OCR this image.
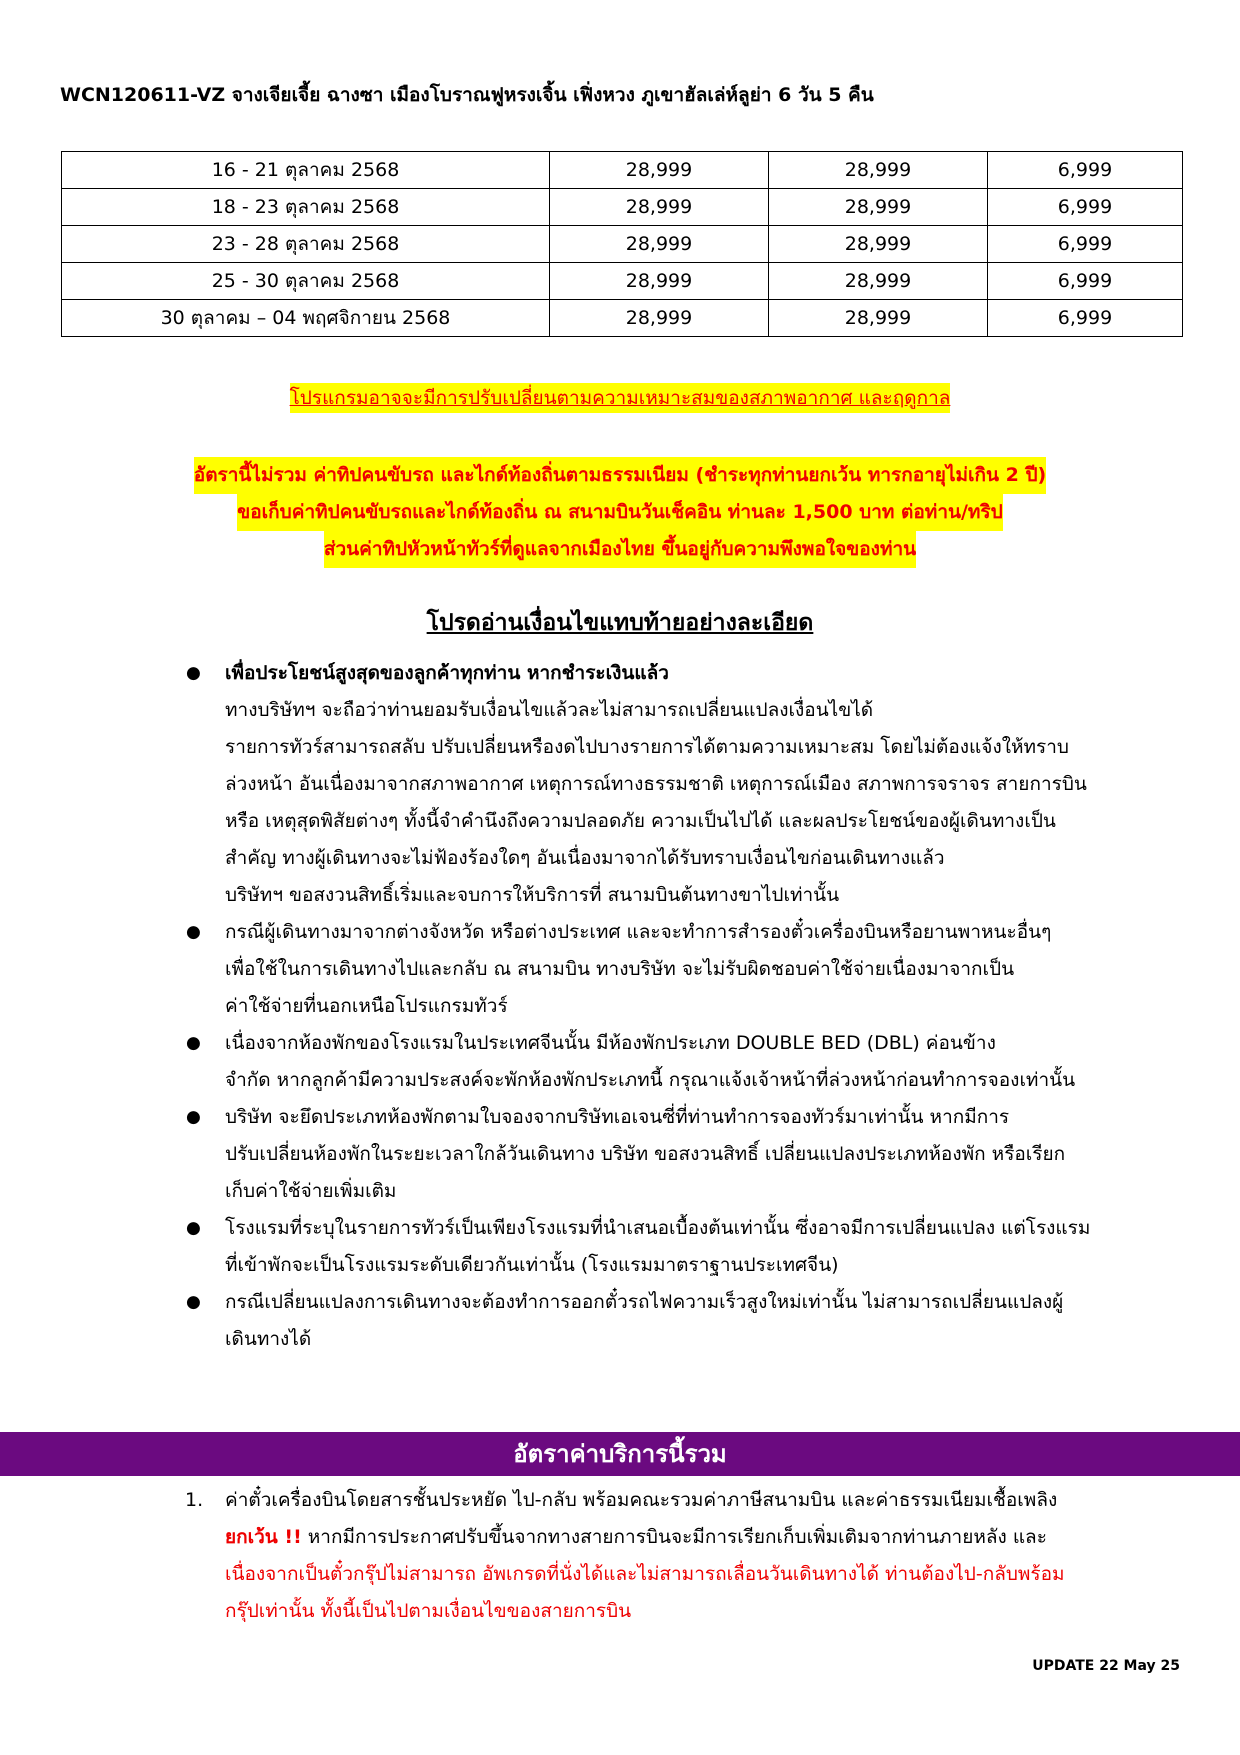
WCN120611-VZ จางเจียเจี้ย ฉางซา เมืองโบราณฟูหรงเจิ้น เฟิ่งหวง ภูเขาฮัลเล่ห์ลูย่า 6 วัน 5 คืน
16 - 21 ตุลาคม 2568	28,999	28,999	6,999
18 - 23 ตุลาคม 2568	28,999	28,999	6,999
23 - 28 ตุลาคม 2568	28,999	28,999	6,999
25 - 30 ตุลาคม 2568	28,999	28,999	6,999
30 ตุลาคม – 04 พฤศจิกายน 2568	28,999	28,999	6,999
โปรแกรมอาจจะมีการปรับเปลี่ยนตามความเหมาะสมของสภาพอากาศ และฤดูกาล
อัตรานี้ไม่รวม ค่าทิปคนขับรถ และไกด์ท้องถิ่นตามธรรมเนียม (ชำระทุกท่านยกเว้น ทารกอายุไม่เกิน 2 ปี)
ขอเก็บค่าทิปคนขับรถและไกด์ท้องถิ่น ณ สนามบินวันเช็คอิน ท่านละ 1,500 บาท ต่อท่าน/ทริป
ส่วนค่าทิปหัวหน้าทัวร์ที่ดูแลจากเมืองไทย ขึ้นอยู่กับความพึงพอใจของท่าน
โปรดอ่านเงื่อนไขแทบท้ายอย่างละเอียด
● เพื่อประโยชน์สูงสุดของลูกค้าทุกท่าน หากชำระเงินแล้ว
ทางบริษัทฯ จะถือว่าท่านยอมรับเงื่อนไขแล้วละไม่สามารถเปลี่ยนแปลงเงื่อนไขได้
รายการทัวร์สามารถสลับ ปรับเปลี่ยนหรืองดไปบางรายการได้ตามความเหมาะสม โดยไม่ต้องแจ้งให้ทราบ
ล่วงหน้า อันเนื่องมาจากสภาพอากาศ เหตุการณ์ทางธรรมชาติ เหตุการณ์เมือง สภาพการจราจร สายการบิน
หรือ เหตุสุดพิสัยต่างๆ ทั้งนี้จำคำนึงถึงความปลอดภัย ความเป็นไปได้ และผลประโยชน์ของผู้เดินทางเป็น
สำคัญ ทางผู้เดินทางจะไม่ฟ้องร้องใดๆ อันเนื่องมาจากได้รับทราบเงื่อนไขก่อนเดินทางแล้ว
บริษัทฯ ขอสงวนสิทธิ์เริ่มและจบการให้บริการที่ สนามบินต้นทางขาไปเท่านั้น
● กรณีผู้เดินทางมาจากต่างจังหวัด หรือต่างประเทศ และจะทำการสำรองตั๋วเครื่องบินหรือยานพาหนะอื่นๆ
เพื่อใช้ในการเดินทางไปและกลับ ณ สนามบิน ทางบริษัท จะไม่รับผิดชอบค่าใช้จ่ายเนื่องมาจากเป็น
ค่าใช้จ่ายที่นอกเหนือโปรแกรมทัวร์
● เนื่องจากห้องพักของโรงแรมในประเทศจีนนั้น มีห้องพักประเภท DOUBLE BED (DBL) ค่อนข้าง
จำกัด หากลูกค้ามีความประสงค์จะพักห้องพักประเภทนี้ กรุณาแจ้งเจ้าหน้าที่ล่วงหน้าก่อนทำการจองเท่านั้น
● บริษัท จะยึดประเภทห้องพักตามใบจองจากบริษัทเอเจนซี่ที่ท่านทำการจองทัวร์มาเท่านั้น หากมีการ
ปรับเปลี่ยนห้องพักในระยะเวลาใกล้วันเดินทาง บริษัท ขอสงวนสิทธิ์ เปลี่ยนแปลงประเภทห้องพัก หรือเรียก
เก็บค่าใช้จ่ายเพิ่มเติม
● โรงแรมที่ระบุในรายการทัวร์เป็นเพียงโรงแรมที่นำเสนอเบื้องต้นเท่านั้น ซึ่งอาจมีการเปลี่ยนแปลง แต่โรงแรม
ที่เข้าพักจะเป็นโรงแรมระดับเดียวกันเท่านั้น (โรงแรมมาตราฐานประเทศจีน)
● กรณีเปลี่ยนแปลงการเดินทางจะต้องทำการออกตั๋วรถไฟความเร็วสูงใหม่เท่านั้น ไม่สามารถเปลี่ยนแปลงผู้
เดินทางได้
อัตราค่าบริการนี้รวม
1. ค่าตั๋วเครื่องบินโดยสารชั้นประหยัด ไป-กลับ พร้อมคณะรวมค่าภาษีสนามบิน และค่าธรรมเนียมเชื้อเพลิง
ยกเว้น !! หากมีการประกาศปรับขึ้นจากทางสายการบินจะมีการเรียกเก็บเพิ่มเติมจากท่านภายหลัง และ
เนื่องจากเป็นตั๋วกรุ๊ปไม่สามารถ อัพเกรดที่นั่งได้และไม่สามารถเลื่อนวันเดินทางได้ ท่านต้องไป-กลับพร้อม
กรุ๊ปเท่านั้น ทั้งนี้เป็นไปตามเงื่อนไขของสายการบิน
UPDATE 22 May 25
